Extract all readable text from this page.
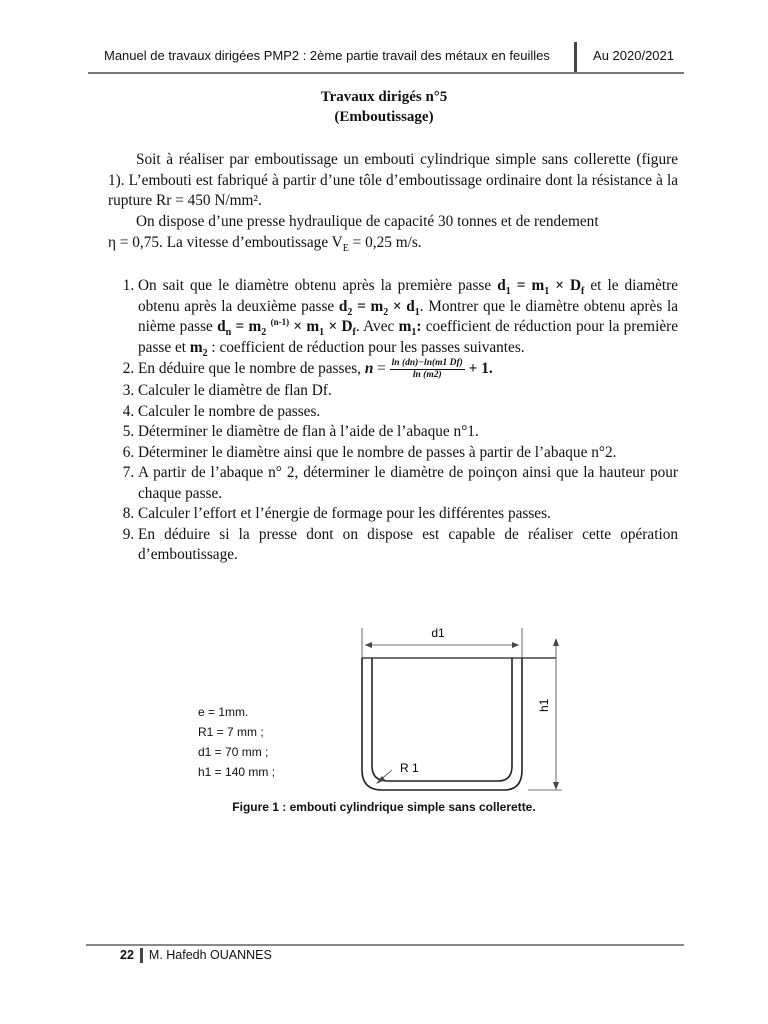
Manuel de travaux dirigées PMP2 : 2ème partie travail des métaux en feuilles	Au 2020/2021
Travaux dirigés n°5
(Emboutissage)
Soit à réaliser par emboutissage un embouti cylindrique simple sans collerette (figure 1). L’embouti est fabriqué à partir d’une tôle d’emboutissage ordinaire dont la résistance à la rupture Rr = 450 N/mm².
On dispose d’une presse hydraulique de capacité 30 tonnes et de rendement
η = 0,75. La vitesse d’emboutissage $V_E = 0,25$ m/s.
1. On sait que le diamètre obtenu après la première passe $d_1 = m_1 \times D_f$ et le diamètre obtenu après la deuxième passe $d_2 = m_2 \times d_1$. Montrer que le diamètre obtenu après la nième passe $d_n = m_2$ $^{(n-1)} \times m_1 \times D_f$. Avec $m_1$: coefficient de réduction pour la première passe et $m_2$ : coefficient de réduction pour les passes suivantes.
2. En déduire que le nombre de passes, $n = \frac{\ln (dn)-\ln(m1 Df)}{\ln (m2)} + 1$.
3. Calculer le diamètre de flan Df.
4. Calculer le nombre de passes.
5. Déterminer le diamètre de flan à l’aide de l’abaque n°1.
6. Déterminer le diamètre ainsi que le nombre de passes à partir de l’abaque n°2.
7. A partir de l’abaque n° 2, déterminer le diamètre de poinçon ainsi que la hauteur pour chaque passe.
8. Calculer l’effort et l’énergie de formage pour les différentes passes.
9. En déduire si la presse dont on dispose est capable de réaliser cette opération d’emboutissage.
e = 1mm.
R1 = 7 mm ;
d1 = 70 mm ;
h1 = 140 mm ;
d1
h1
R 1
Figure 1 : embouti cylindrique simple sans collerette.
22 M. Hafedh OUANNES
